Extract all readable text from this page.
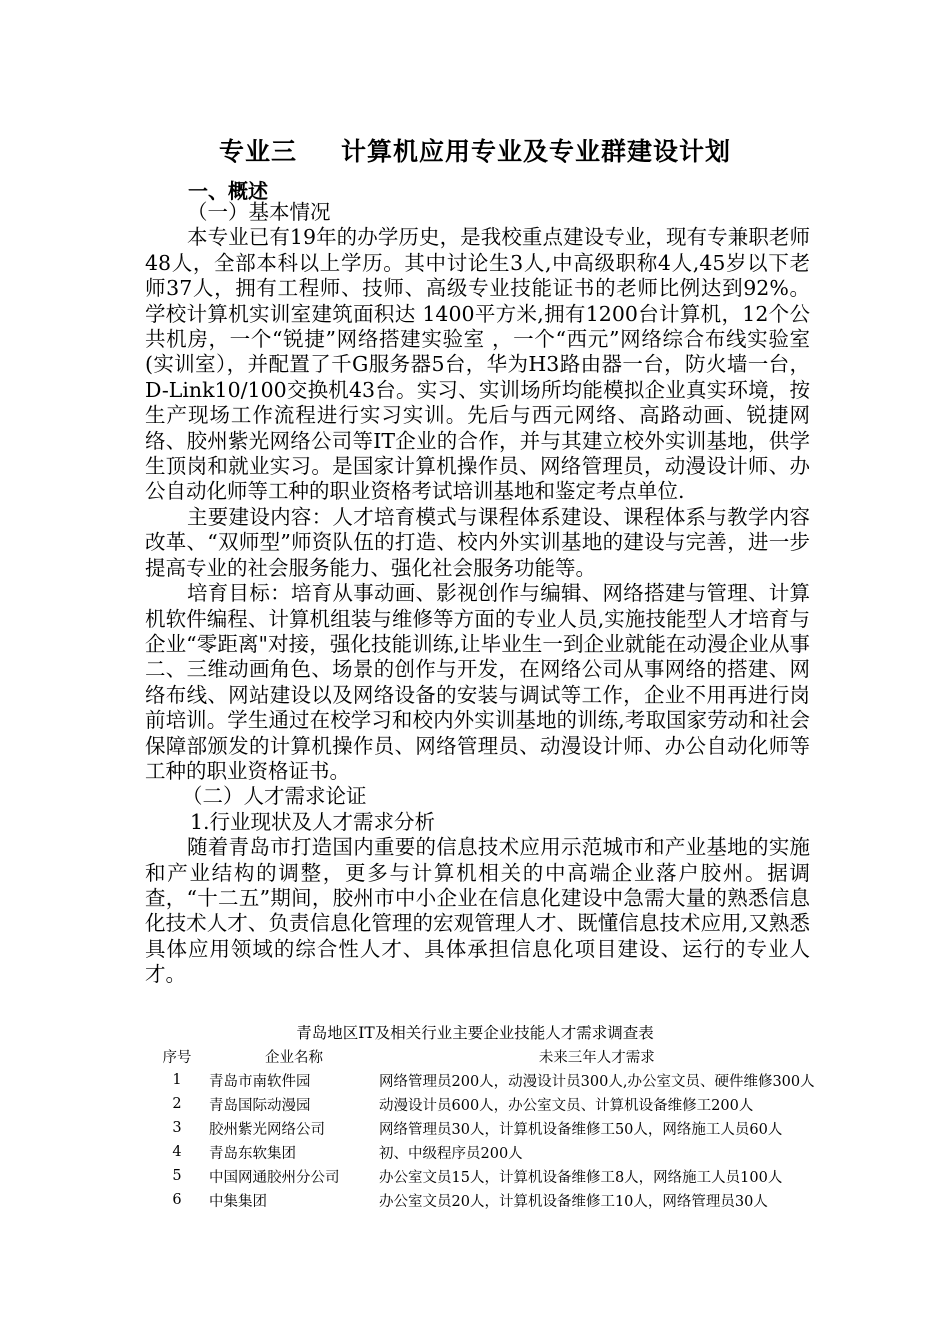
专业三 计算机应用专业及专业群建设计划
一、概述

（一）基本情况

本专业已有19年的办学历史，是我校重点建设专业，现有专兼职老师48人，全部本科以上学历。其中讨论生3人,中高级职称4人,45岁以下老师37人，拥有工程师、技师、高级专业技能证书的老师比例达到92%。学校计算机实训室建筑面积达 1400平方米,拥有1200台计算机，12个公共机房，一个“锐捷”网络搭建实验室 ，一个“西元”网络综合布线实验室(实训室），并配置了千G服务器5台，华为H3路由器一台，防火墙一台，D-Link10/100交换机43台。实习、实训场所均能模拟企业真实环境，按生产现场工作流程进行实习实训。先后与西元网络、高路动画、锐捷网络、胶州紫光网络公司等IT企业的合作，并与其建立校外实训基地，供学生顶岗和就业实习。是国家计算机操作员、网络管理员，动漫设计师、办公自动化师等工种的职业资格考试培训基地和鉴定考点单位.

主要建设内容：人才培育模式与课程体系建设、课程体系与教学内容改革、“双师型”师资队伍的打造、校内外实训基地的建设与完善，进一步提高专业的社会服务能力、强化社会服务功能等。

培育目标：培育从事动画、影视创作与编辑、网络搭建与管理、计算机软件编程、计算机组装与维修等方面的专业人员,实施技能型人才培育与企业“零距离"对接，强化技能训练,让毕业生一到企业就能在动漫企业从事二、三维动画角色、场景的创作与开发，在网络公司从事网络的搭建、网络布线、网站建设以及网络设备的安装与调试等工作，企业不用再进行岗前培训。学生通过在校学习和校内外实训基地的训练,考取国家劳动和社会保障部颁发的计算机操作员、网络管理员、动漫设计师、办公自动化师等工种的职业资格证书。

（二）人才需求论证

1.行业现状及人才需求分析

随着青岛市打造国内重要的信息技术应用示范城市和产业基地的实施和产业结构的调整，更多与计算机相关的中高端企业落户胶州。据调查，“十二五”期间，胶州市中小企业在信息化建设中急需大量的熟悉信息化技术人才、负责信息化管理的宏观管理人才、既懂信息技术应用,又熟悉具体应用领域的综合性人才、具体承担信息化项目建设、运行的专业人才。

青岛地区IT及相关行业主要企业技能人才需求调查表
序号	企业名称	未来三年人才需求
1	青岛市南软件园	网络管理员200人，动漫设计员300人,办公室文员、硬件维修300人
2	青岛国际动漫园	动漫设计员600人，办公室文员、计算机设备维修工200人
3	胶州紫光网络公司	网络管理员30人，计算机设备维修工50人，网络施工人员60人
4	青岛东软集团	初、中级程序员200人
5	中国网通胶州分公司	办公室文员15人，计算机设备维修工8人，网络施工人员100人
6	中集集团	办公室文员20人，计算机设备维修工10人，网络管理员30人
